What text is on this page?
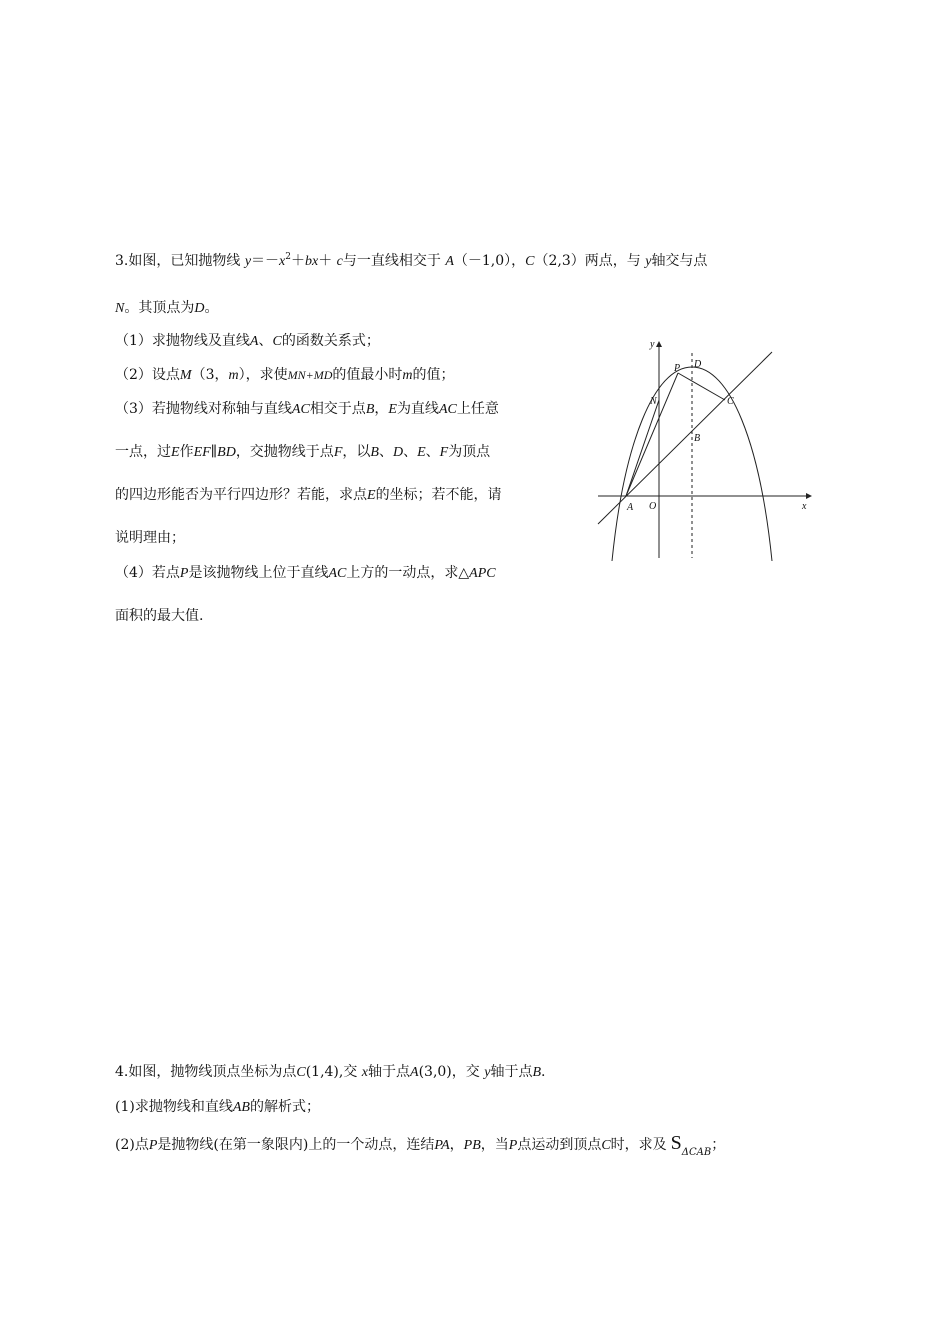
3.如图，已知抛物线 $y=-x^2+bx+ c$与一直线相交于 A（－1,0），C（2,3）两点，与 y轴交与点
N。其顶点为D。
（1）求抛物线及直线A、C的函数关系式；
（2）设点M（3，m），求使MN+MD的值最小时m的值；
（3）若抛物线对称轴与直线AC相交于点B，E为直线AC上任意
一点，过E作EF∥BD，交抛物线于点F，以B、D、E、F为顶点
的四边形能否为平行四边形？若能，求点E的坐标；若不能，请
说明理由；
（4）若点P是该抛物线上位于直线AC上方的一动点，求△APC
面积的最大值.
y
x
O
A
B
C
D
N
P
4.如图，抛物线顶点坐标为点C(1,4),交 x轴于点A(3,0)，交 y轴于点B.
(1)求抛物线和直线AB的解析式；
(2)点P是抛物线(在第一象限内)上的一个动点，连结PA，PB，当P点运动到顶点C时，求及 $S_{\Delta CAB}$；
